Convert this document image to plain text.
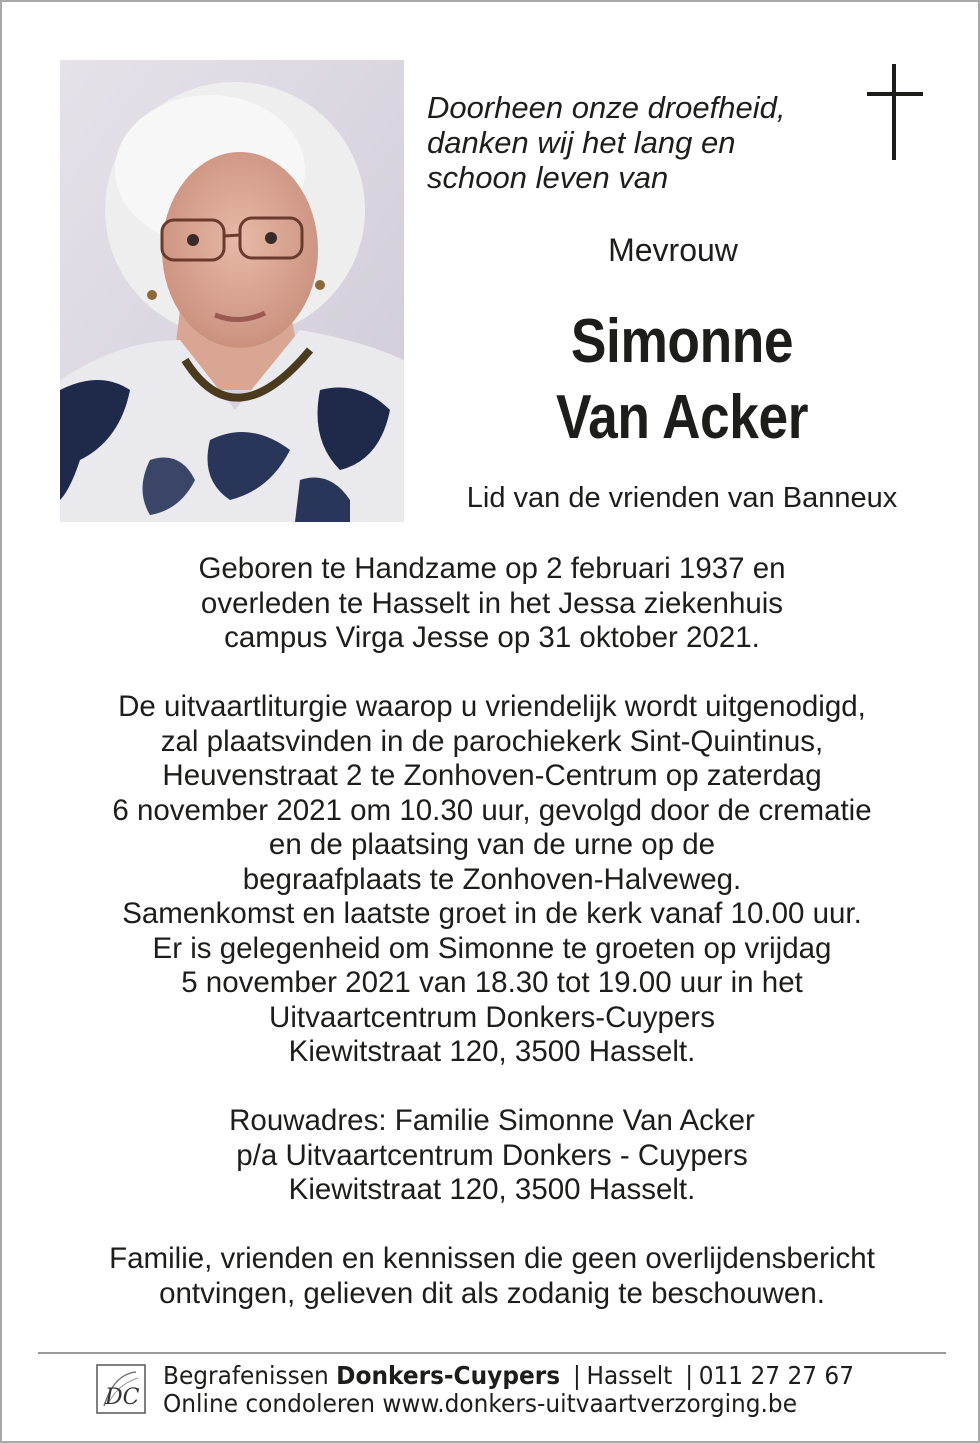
Doorheen onze droefheid,
danken wij het lang en
schoon leven van
Mevrouw
Simonne
Van Acker
Lid van de vrienden van Banneux
Geboren te Handzame op 2 februari 1937 en
overleden te Hasselt in het Jessa ziekenhuis
campus Virga Jesse op 31 oktober 2021.
De uitvaartliturgie waarop u vriendelijk wordt uitgenodigd,
zal plaatsvinden in de parochiekerk Sint-Quintinus,
Heuvenstraat 2 te Zonhoven-Centrum op zaterdag
6 november 2021 om 10.30 uur, gevolgd door de crematie
en de plaatsing van de urne op de
begraafplaats te Zonhoven-Halveweg.
Samenkomst en laatste groet in de kerk vanaf 10.00 uur.
Er is gelegenheid om Simonne te groeten op vrijdag
5 november 2021 van 18.30 tot 19.00 uur in het
Uitvaartcentrum Donkers-Cuypers
Kiewitstraat 120, 3500 Hasselt.
Rouwadres: Familie Simonne Van Acker
p/a Uitvaartcentrum Donkers - Cuypers
Kiewitstraat 120, 3500 Hasselt.
Familie, vrienden en kennissen die geen overlijdensbericht
ontvingen, gelieven dit als zodanig te beschouwen.
DC
Begrafenissen Donkers-Cuypers | Hasselt | 011 27 27 67
Online condoleren www.donkers-uitvaartverzorging.be
